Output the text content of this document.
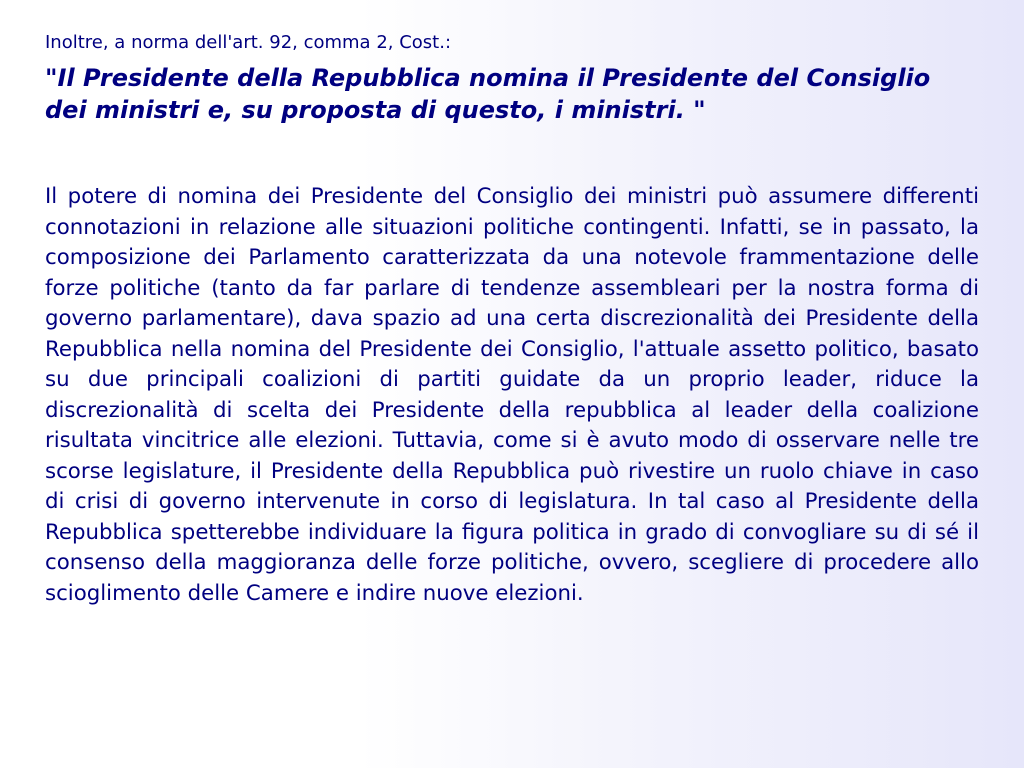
Inoltre, a norma dell'art. 92, comma 2, Cost.:

"Il Presidente della Repubblica nomina il Presidente del Consiglio dei ministri e, su proposta di questo, i ministri. "

Il potere di nomina dei Presidente del Consiglio dei ministri può assumere differenti connotazioni in relazione alle situazioni politiche contingenti. Infatti, se in passato, la composizione dei Parlamento caratterizzata da una notevole frammentazione delle forze politiche (tanto da far parlare di tendenze assembleari per la nostra forma di governo parlamentare), dava spazio ad una certa discrezionalità dei Presidente della Repubblica nella nomina del Presidente dei Consiglio, l'attuale assetto politico, basato su due principali coalizioni di partiti guidate da un proprio leader, riduce la discrezionalità di scelta dei Presidente della repubblica al leader della coalizione risultata vincitrice alle elezioni. Tuttavia, come si è avuto modo di osservare nelle tre scorse legislature, il Presidente della Repubblica può rivestire un ruolo chiave in caso di crisi di governo intervenute in corso di legislatura. In tal caso al Presidente della Repubblica spetterebbe individuare la figura politica in grado di convogliare su di sé il consenso della maggioranza delle forze politiche, ovvero, scegliere di procedere allo scioglimento delle Camere e indire nuove elezioni.
